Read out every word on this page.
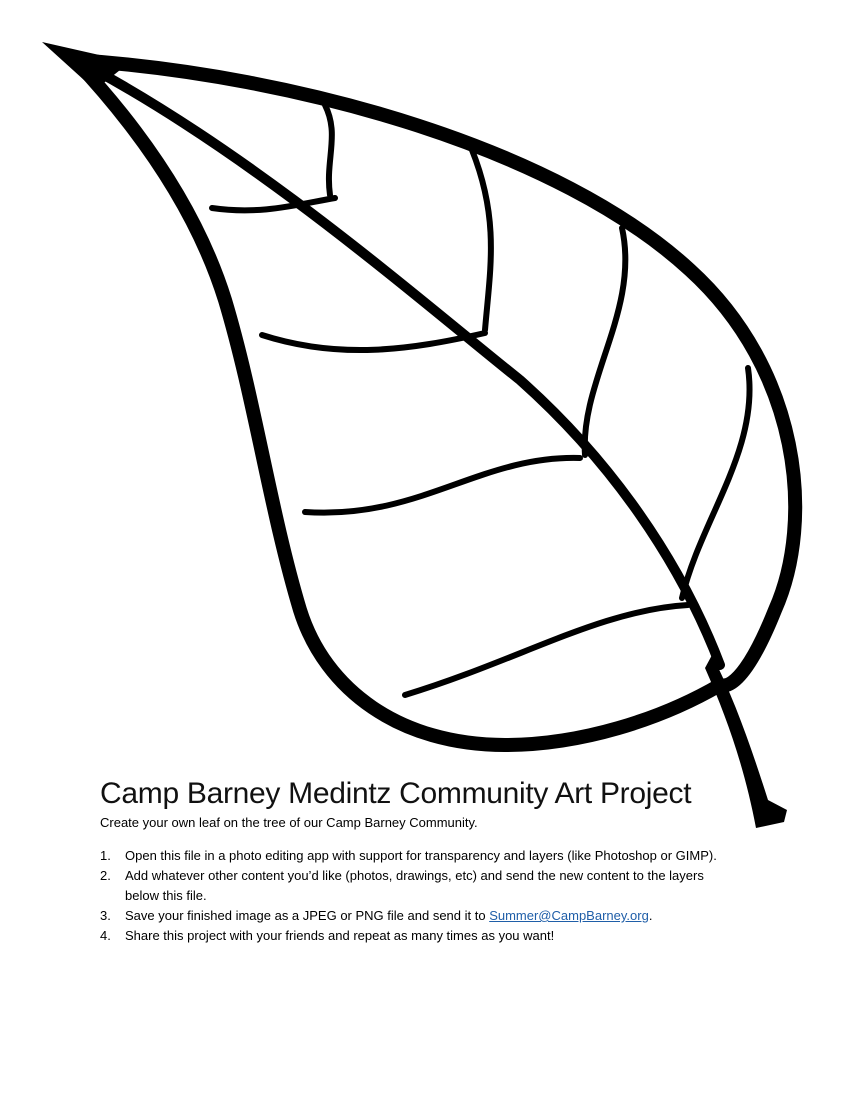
Camp Barney Medintz Community Art Project

Create your own leaf on the tree of our Camp Barney Community.

1.	Open this file in a photo editing app with support for transparency and layers (like Photoshop or GIMP).
2.	Add whatever other content you’d like (photos, drawings, etc) and send the new content to the layers below this file.
3.	Save your finished image as a JPEG or PNG file and send it to Summer@CampBarney.org.
4.	Share this project with your friends and repeat as many times as you want!
